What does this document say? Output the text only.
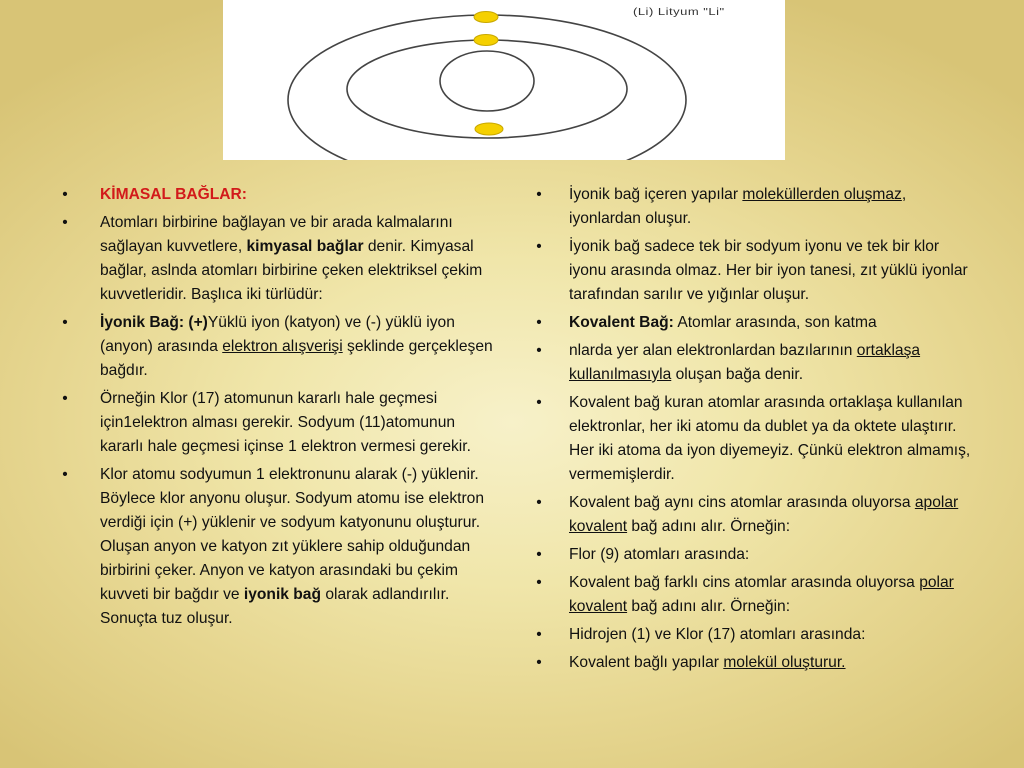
(Li) Lityum "Li"
• KİMASAL BAĞLAR:
• Atomları birbirine bağlayan ve bir arada kalmalarını sağlayan kuvvetlere, kimyasal bağlar denir. Kimyasal bağlar, aslnda atomları birbirine çeken elektriksel çekim kuvvetleridir. Başlıca iki türlüdür:
• İyonik Bağ: (+)Yüklü iyon (katyon) ve (-) yüklü iyon (anyon) arasında elektron alışverişi şeklinde gerçekleşen bağdır.
• Örneğin Klor (17) atomunun kararlı hale geçmesi için1elektron alması gerekir. Sodyum (11)atomunun kararlı hale geçmesi içinse 1 elektron vermesi gerekir.
• Klor atomu sodyumun 1 elektronunu alarak (-) yüklenir. Böylece klor anyonu oluşur. Sodyum atomu ise elektron verdiği için (+) yüklenir ve sodyum katyonunu oluşturur. Oluşan anyon ve katyon zıt yüklere sahip olduğundan birbirini çeker. Anyon ve katyon arasındaki bu çekim kuvveti bir bağdır ve iyonik bağ olarak adlandırılır. Sonuçta tuz oluşur.
• İyonik bağ içeren yapılar moleküllerden oluşmaz, iyonlardan oluşur.
• İyonik bağ sadece tek bir sodyum iyonu ve tek bir klor iyonu arasında olmaz. Her bir iyon tanesi, zıt yüklü iyonlar tarafından sarılır ve yığınlar oluşur.
• Kovalent Bağ: Atomlar arasında, son katma
• nlarda yer alan elektronlardan bazılarının ortaklaşa kullanılmasıyla oluşan bağa denir.
• Kovalent bağ kuran atomlar arasında ortaklaşa kullanılan elektronlar, her iki atomu da dublet ya da oktete ulaştırır. Her iki atoma da iyon diyemeyiz. Çünkü elektron almamış, vermemişlerdir.
• Kovalent bağ aynı cins atomlar arasında oluyorsa apolar kovalent bağ adını alır. Örneğin:
• Flor (9) atomları arasında:
• Kovalent bağ farklı cins atomlar arasında oluyorsa polar kovalent bağ adını alır. Örneğin:
• Hidrojen (1) ve Klor (17) atomları arasında:
• Kovalent bağlı yapılar molekül oluşturur.
